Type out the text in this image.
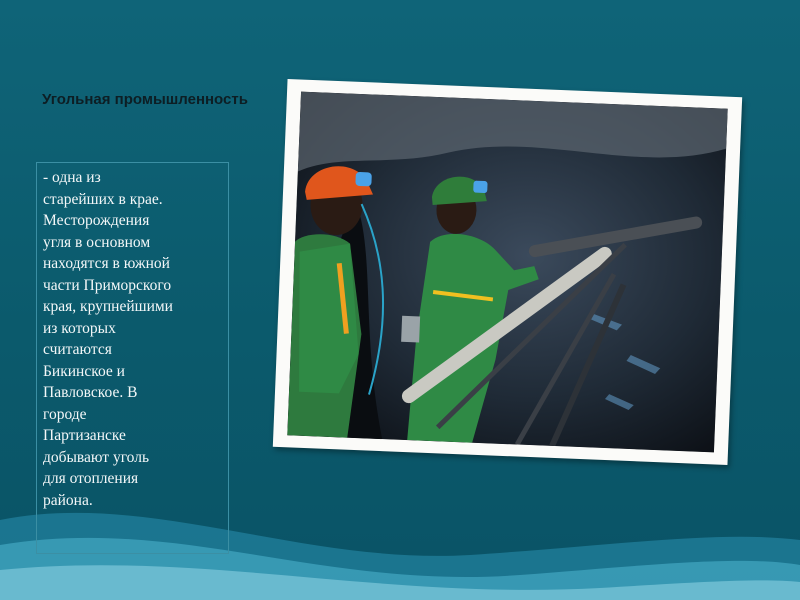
Угольная промышленность

- одна из
старейших в крае.
Месторождения
угля в основном
находятся в южной
части Приморского
края, крупнейшими
из которых
считаются
Бикинское и
Павловское. В
городе
Партизанске
добывают уголь
для отопления
района.
